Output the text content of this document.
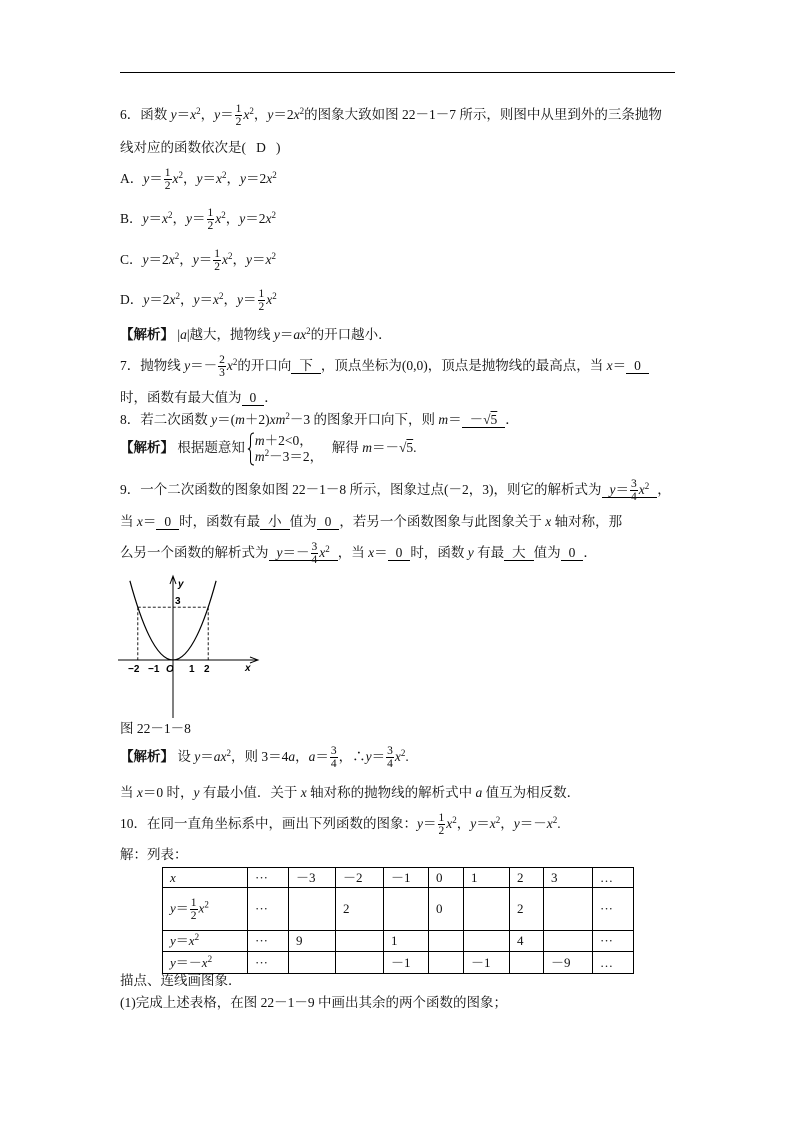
6．函数 $y=x^2$，$y= \frac{1}{2} x^2$，$y=2x^2$的图象大致如图 22－1－7 所示，则图中从里到外的三条抛物
线对应的函数依次是(   D   )
A．$y= \frac{1}{2} x^2$，$y=x^2$，$y=2x^2$
B．$y=x^2$，$y= \frac{1}{2} x^2$，$y=2x^2$
C．$y=2x^2$，$y= \frac{1}{2} x^2$，$y=x^2$
D．$y=2x^2$，$y=x^2$，$y= \frac{1}{2} x^2$
【解析】 |a|越大，抛物线 $y=ax^2$的开口越小．
7．抛物线 $y=- \frac{2}{3} x^2$的开口向 下 ，顶点坐标为(0,0)，顶点是抛物线的最高点，当 x＝ 0
时，函数有最大值为 0 ．
8．若二次函数 $y=(m+2)xm^2-3$ 的图象开口向下，则 m＝ －√5 ．
【解析】 根据题意知 m＋2<0，
$m^2-3=2$，
解得 m＝－√5.
9．一个二次函数的图象如图 22－1－8 所示，图象过点(－2，3)，则它的解析式为 $y= \frac{3}{4} x^2$ ，
当 x＝ 0 时，函数有最 小 值为 0 ，若另一个函数图象与此图象关于 x 轴对称，那
么另一个函数的解析式为 $y=- \frac{3}{4} x^2$ ，当 x＝ 0 时，函数 y 有最 大 值为 0 ．
y
x
3
O
−2 −1	1 2
图 22－1－8
【解析】 设 $y=ax^2$，则 3＝4a，$a= \frac{3}{4}$ ，∴y＝ $\frac{3}{4} x^2$.
当 x＝0 时，y 有最小值．关于 x 轴对称的抛物线的解析式中 a 值互为相反数．
10．在同一直角坐标系中，画出下列函数的图象：$y= \frac{1}{2} x^2$，$y=x^2$，$y=-x^2$.
解：列表：
x	···	－3	－2	－1	0	1	2	3	…
$y= \frac{1}{2} x^2$	···		2		0		2		···
$y=x^2$	···	9		1			4		···
$y=-x^2$	···			－1		－1		－9	…
描点、连线画图象．
(1)完成上述表格，在图 22－1－9 中画出其余的两个函数的图象；
